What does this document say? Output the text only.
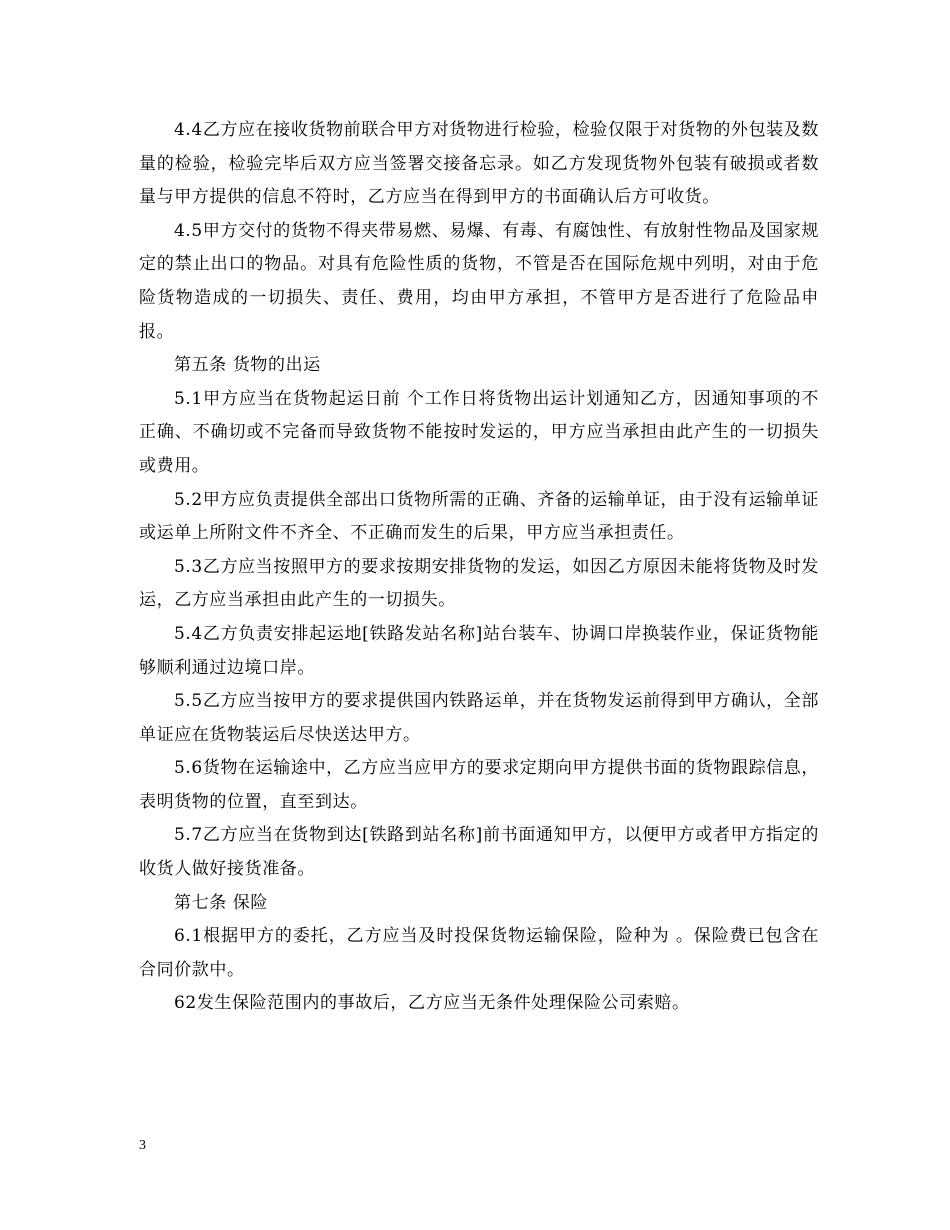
4.4乙方应在接收货物前联合甲方对货物进行检验，检验仅限于对货物的外包装及数量的检验，检验完毕后双方应当签署交接备忘录。如乙方发现货物外包装有破损或者数量与甲方提供的信息不符时，乙方应当在得到甲方的书面确认后方可收货。

4.5甲方交付的货物不得夹带易燃、易爆、有毒、有腐蚀性、有放射性物品及国家规定的禁止出口的物品。对具有危险性质的货物，不管是否在国际危规中列明，对由于危险货物造成的一切损失、责任、费用，均由甲方承担，不管甲方是否进行了危险品申报。

第五条 货物的出运

5.1甲方应当在货物起运日前 个工作日将货物出运计划通知乙方，因通知事项的不正确、不确切或不完备而导致货物不能按时发运的，甲方应当承担由此产生的一切损失或费用。

5.2甲方应负责提供全部出口货物所需的正确、齐备的运输单证，由于没有运输单证或运单上所附文件不齐全、不正确而发生的后果，甲方应当承担责任。

5.3乙方应当按照甲方的要求按期安排货物的发运，如因乙方原因未能将货物及时发运，乙方应当承担由此产生的一切损失。

5.4乙方负责安排起运地[铁路发站名称]站台装车、协调口岸换装作业，保证货物能够顺利通过边境口岸。

5.5乙方应当按甲方的要求提供国内铁路运单，并在货物发运前得到甲方确认，全部单证应在货物装运后尽快送达甲方。

5.6货物在运输途中，乙方应当应甲方的要求定期向甲方提供书面的货物跟踪信息，表明货物的位置，直至到达。

5.7乙方应当在货物到达[铁路到站名称]前书面通知甲方，以便甲方或者甲方指定的收货人做好接货准备。

第七条 保险

6.1根据甲方的委托，乙方应当及时投保货物运输保险，险种为 。保险费已包含在合同价款中。

62发生保险范围内的事故后，乙方应当无条件处理保险公司索赔。

3
